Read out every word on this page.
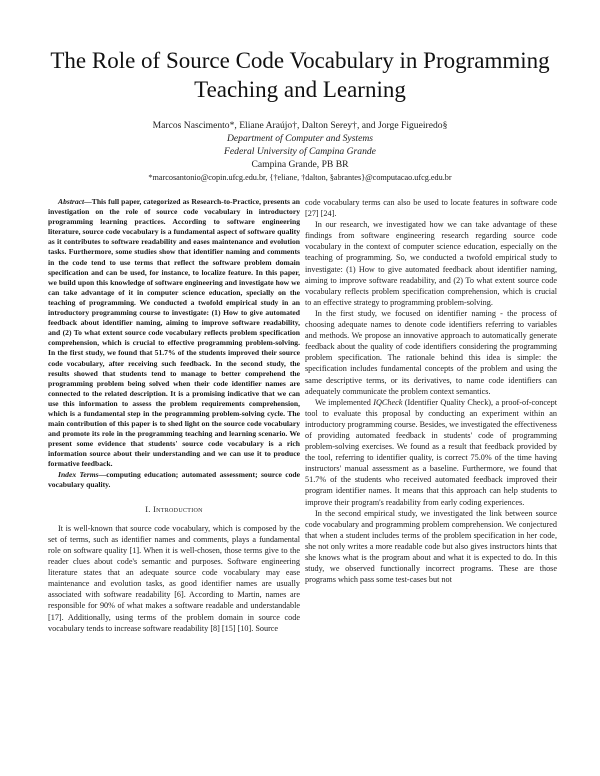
The Role of Source Code Vocabulary in Programming Teaching and Learning
Marcos Nascimento*, Eliane Araújo†, Dalton Serey†, and Jorge Figueiredo§
Department of Computer and Systems
Federal University of Campina Grande
Campina Grande, PB BR
*marcosantonio@copin.ufcg.edu.br, {†eliane, †dalton, §abrantes}@computacao.ufcg.edu.br

Abstract—This full paper, categorized as Research-to-Practice, presents an investigation on the role of source code vocabulary in introductory programming learning practices. According to software engineering literature, source code vocabulary is a fundamental aspect of software quality as it contributes to software readability and eases maintenance and evolution tasks. Furthermore, some studies show that identifier naming and comments in the code tend to use terms that reflect the software problem domain specification and can be used, for instance, to localize feature. In this paper, we build upon this knowledge of software engineering and investigate how we can take advantage of it in computer science education, specially on the teaching of programming. We conducted a twofold empirical study in an introductory programming course to investigate: (1) How to give automated feedback about identifier naming, aiming to improve software readability, and (2) To what extent source code vocabulary reflects problem specification comprehension, which is crucial to effective programming problem-solving. In the first study, we found that 51.7% of the students improved their source code vocabulary, after receiving such feedback. In the second study, the results showed that students tend to manage to better comprehend the programming problem being solved when their code identifier names are connected to the related description. It is a promising indicative that we can use this information to assess the problem requirements comprehension, which is a fundamental step in the programming problem-solving cycle. The main contribution of this paper is to shed light on the source code vocabulary and promote its role in the programming teaching and learning scenario. We present some evidence that students' source code vocabulary is a rich information source about their understanding and we can use it to produce formative feedback.

Index Terms—computing education; automated assessment; source code vocabulary quality.

I. Introduction

It is well-known that source code vocabulary, which is composed by the set of terms, such as identifier names and comments, plays a fundamental role on software quality [1]. When it is well-chosen, those terms give to the reader clues about code's semantic and purposes. Software engineering literature states that an adequate source code vocabulary may ease maintenance and evolution tasks, as good identifier names are usually associated with software readability [6]. According to Martin, names are responsible for 90% of what makes a software readable and understandable [17]. Additionally, using terms of the problem domain in source code vocabulary tends to increase software readability [8] [15] [10]. Source

code vocabulary terms can also be used to locate features in software code [27] [24].

In our research, we investigated how we can take advantage of these findings from software engineering research regarding source code vocabulary in the context of computer science education, especially on the teaching of programming. So, we conducted a twofold empirical study to investigate: (1) How to give automated feedback about identifier naming, aiming to improve software readability, and (2) To what extent source code vocabulary reflects problem specification comprehension, which is crucial to an effective strategy to programming problem-solving.

In the first study, we focused on identifier naming - the process of choosing adequate names to denote code identifiers referring to variables and methods. We propose an innovative approach to automatically generate feedback about the quality of code identifiers considering the programming problem specification. The rationale behind this idea is simple: the specification includes fundamental concepts of the problem and using the same descriptive terms, or its derivatives, to name code identifiers can adequately communicate the problem context semantics.

We implemented IQCheck (Identifier Quality Check), a proof-of-concept tool to evaluate this proposal by conducting an experiment within an introductory programming course. Besides, we investigated the effectiveness of providing automated feedback in students' code of programming problem-solving exercises. We found as a result that feedback provided by the tool, referring to identifier quality, is correct 75.0% of the time having instructors' manual assessment as a baseline. Furthermore, we found that 51.7% of the students who received automated feedback improved their program identifier names. It means that this approach can help students to improve their program's readability from early coding experiences.

In the second empirical study, we investigated the link between source code vocabulary and programming problem comprehension. We conjectured that when a student includes terms of the problem specification in her code, she not only writes a more readable code but also gives instructors hints that she knows what is the program about and what it is expected to do. In this study, we observed functionally incorrect programs. These are those programs which pass some test-cases but not
